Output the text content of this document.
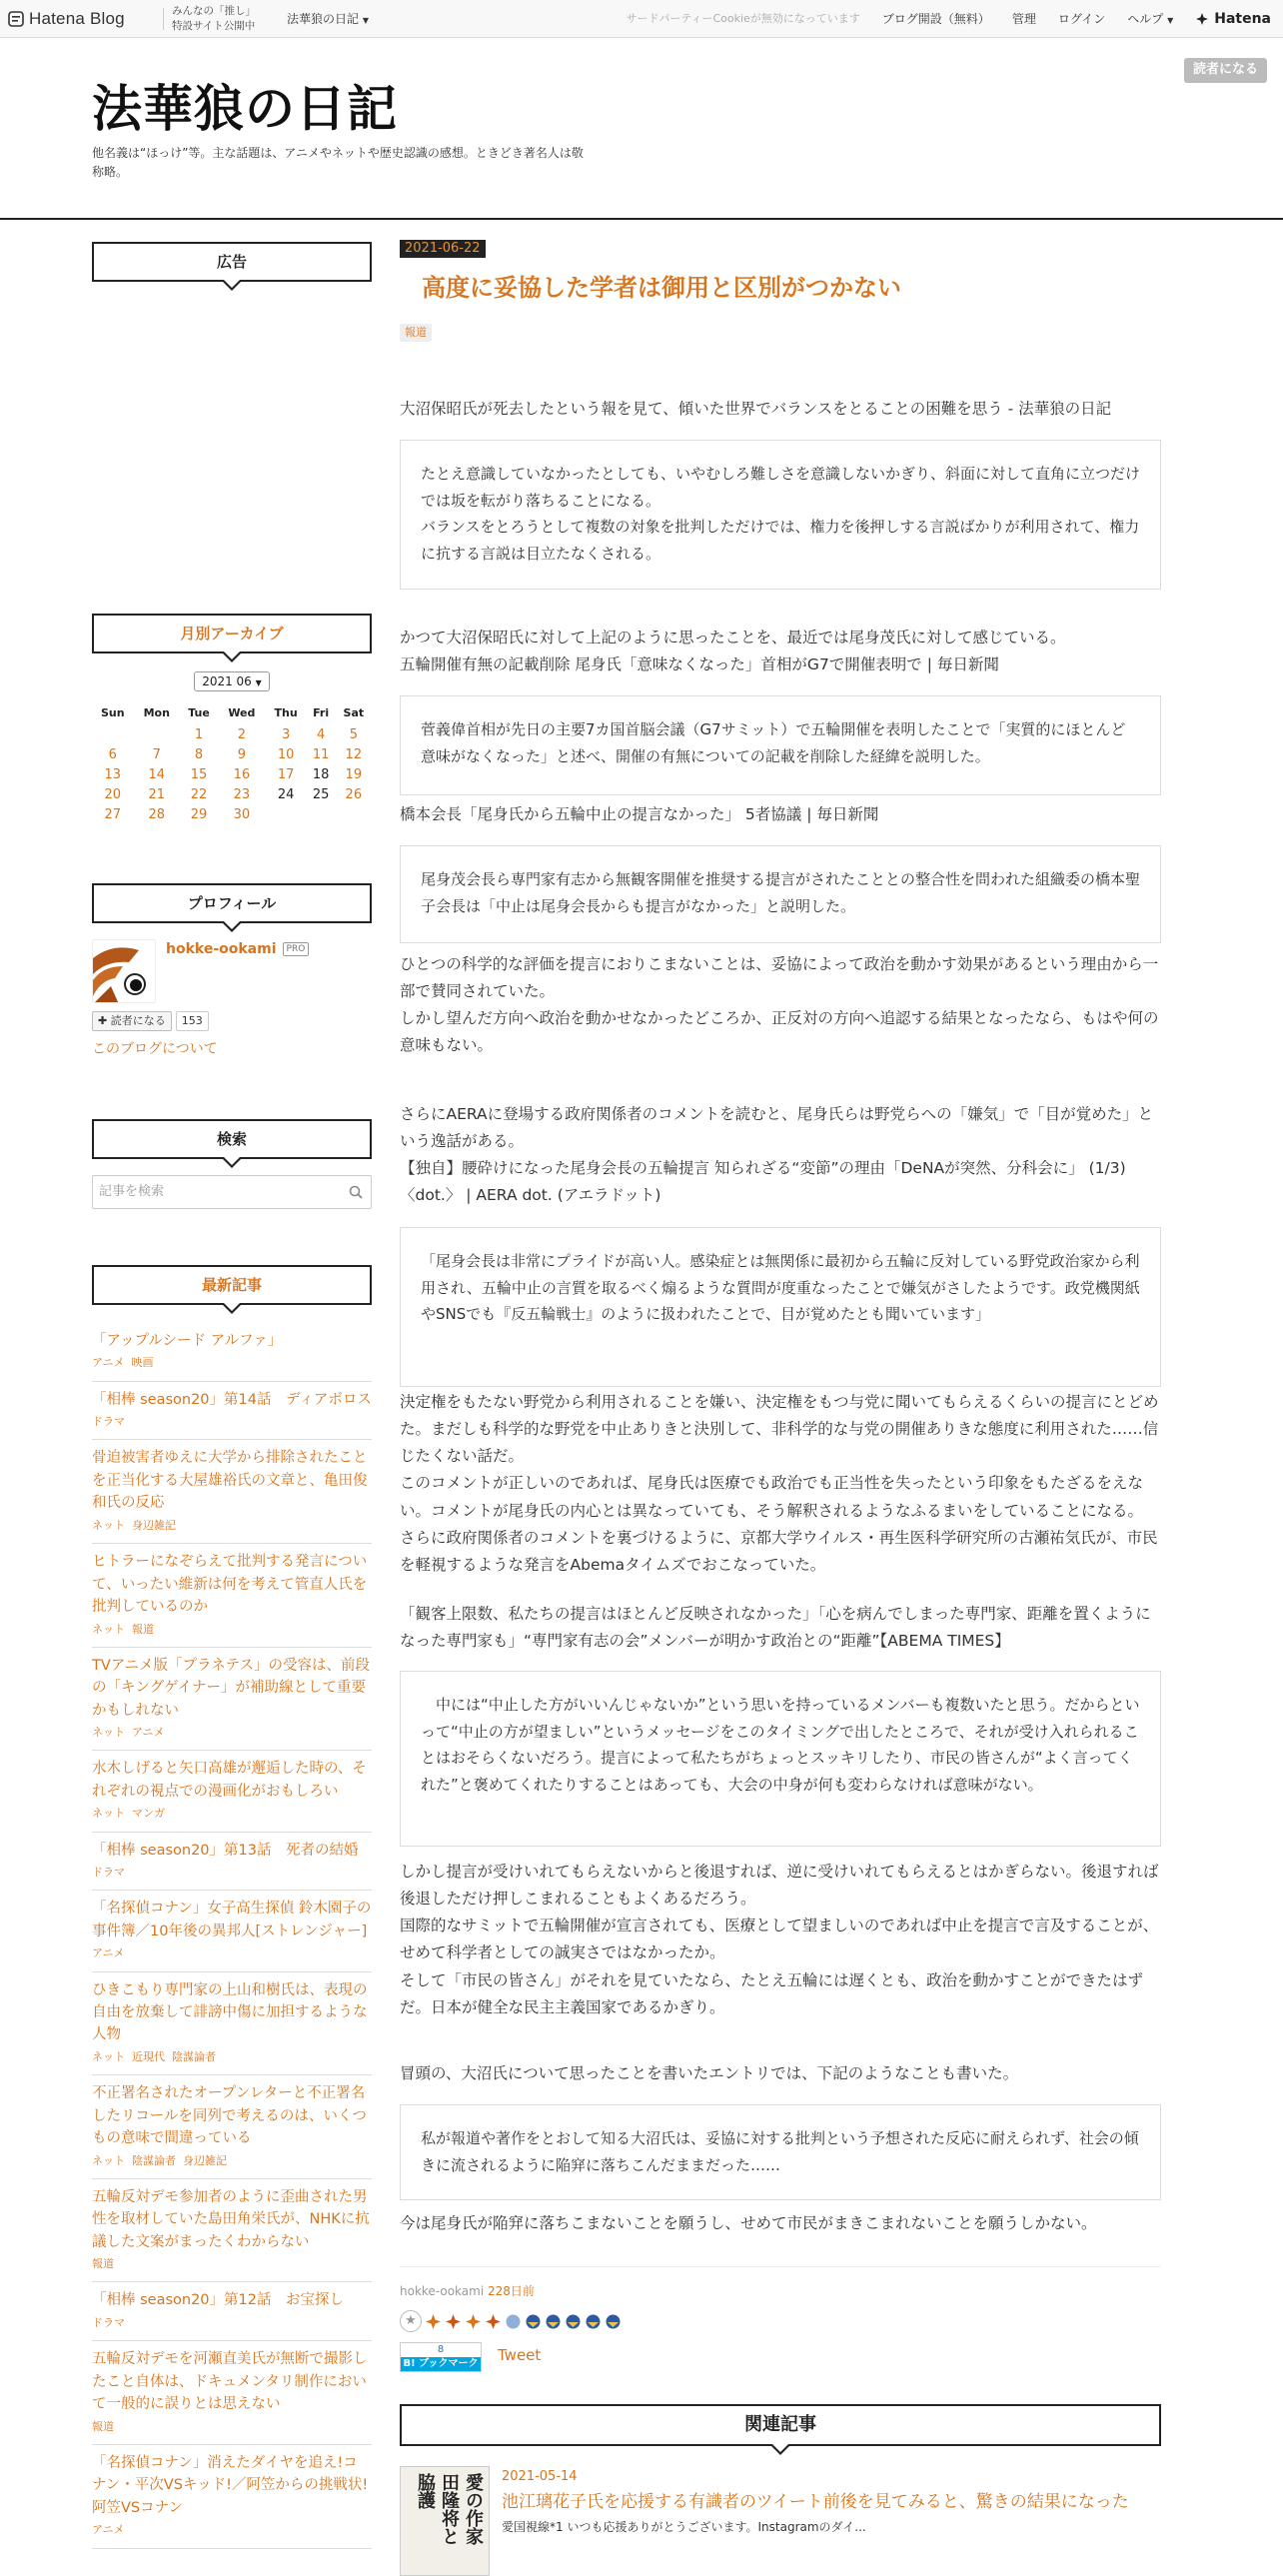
Hatena Blog	みんなの「推し」
特設サイト公開中	法華狼の日記 ▼	サードパーティーCookieが無効になっています ブログ開設（無料） 管理 ログイン ヘルプ ▼	Hatena
法華狼の日記
他名義は“ほっけ”等。主な話題は、アニメやネットや歴史認識の感想。ときどき著名人は敬称略。
読者になる
広告
月別アーカイブ
2021 06 ▼
Sun	Mon	Tue	Wed	Thu	Fri	Sat
		1	2	3	4	5
6	7	8	9	10	11	12
13	14	15	16	17	18	19
20	21	22	23	24	25	26
27	28	29	30			
プロフィール
hokke-ookami PRO
✚ 読者になる	153
このブログについて
検索
記事を検索
最新記事
「アップルシード アルファ」
アニメ 映画
「相棒 season20」第14話　ディアボロス
ドラマ
骨迫被害者ゆえに大学から排除されたことを正当化する大屋雄裕氏の文章と、亀田俊和氏の反応
ネット 身辺雑記
ヒトラーになぞらえて批判する発言について、いったい維新は何を考えて管直人氏を批判しているのか
ネット 報道
TVアニメ版「プラネテス」の受容は、前段の「キングゲイナー」が補助線として重要かもしれない
ネット アニメ
水木しげると矢口高雄が邂逅した時の、それぞれの視点での漫画化がおもしろい
ネット マンガ
「相棒 season20」第13話　死者の結婚
ドラマ
「名探偵コナン」女子高生探偵 鈴木園子の事件簿／10年後の異邦人[ストレンジャー]
アニメ
ひきこもり専門家の上山和樹氏は、表現の自由を放棄して誹謗中傷に加担するような人物
ネット 近現代 陰謀論者
不正署名されたオープンレターと不正署名したリコールを同列で考えるのは、いくつもの意味で間違っている
ネット 陰謀論者 身辺雑記
五輪反対デモ参加者のように歪曲された男性を取材していた島田角栄氏が、NHKに抗議した文案がまったくわからない
報道
「相棒 season20」第12話　お宝探し
ドラマ
五輪反対デモを河瀬直美氏が無断で撮影したこと自体は、ドキュメンタリ制作において一般的に誤りとは思えない
報道
「名探偵コナン」消えたダイヤを追え!コナン・平次VSキッド!／阿笠からの挑戦状!阿笠VSコナン
アニメ
2021-06-22
高度に妥協した学者は御用と区別がつかない
報道
大沼保昭氏が死去したという報を見て、傾いた世界でバランスをとることの困難を思う - 法華狼の日記

たとえ意識していなかったとしても、いやむしろ難しさを意識しないかぎり、斜面に対して直角に立つだけでは坂を転がり落ちることになる。
バランスをとろうとして複数の対象を批判しただけでは、権力を後押しする言説ばかりが利用されて、権力に抗する言説は目立たなくされる。

かつて大沼保昭氏に対して上記のように思ったことを、最近では尾身茂氏に対して感じている。
五輪開催有無の記載削除 尾身氏「意味なくなった」首相がG7で開催表明で | 毎日新聞

菅義偉首相が先日の主要7カ国首脳会議（G7サミット）で五輪開催を表明したことで「実質的にほとんど意味がなくなった」と述べ、開催の有無についての記載を削除した経緯を説明した。

橋本会長「尾身氏から五輪中止の提言なかった」 5者協議 | 毎日新聞

尾身茂会長ら専門家有志から無観客開催を推奨する提言がされたこととの整合性を問われた組織委の橋本聖子会長は「中止は尾身会長からも提言がなかった」と説明した。

ひとつの科学的な評価を提言におりこまないことは、妥協によって政治を動かす効果があるという理由から一部で賛同されていた。
しかし望んだ方向へ政治を動かせなかったどころか、正反対の方向へ追認する結果となったなら、もはや何の意味もない。
さらにAERAに登場する政府関係者のコメントを読むと、尾身氏らは野党らへの「嫌気」で「目が覚めた」という逸話がある。
【独自】腰砕けになった尾身会長の五輪提言 知られざる“変節”の理由「DeNAが突然、分科会に」 (1/3)〈dot.〉 | AERA dot. (アエラドット)

「尾身会長は非常にプライドが高い人。感染症とは無関係に最初から五輪に反対している野党政治家から利用され、五輪中止の言質を取るべく煽るような質問が度重なったことで嫌気がさしたようです。政党機関紙やSNSでも『反五輪戦士』のように扱われたことで、目が覚めたとも聞いています」

決定権をもたない野党から利用されることを嫌い、決定権をもつ与党に聞いてもらえるくらいの提言にとどめた。まだしも科学的な野党を中止ありきと決別して、非科学的な与党の開催ありきな態度に利用された……信じたくない話だ。
このコメントが正しいのであれば、尾身氏は医療でも政治でも正当性を失ったという印象をもたざるをえない。コメントが尾身氏の内心とは異なっていても、そう解釈されるようなふるまいをしていることになる。
さらに政府関係者のコメントを裏づけるように、京都大学ウイルス・再生医科学研究所の古瀬祐気氏が、市民を軽視するような発言をAbemaタイムズでおこなっていた。
「観客上限数、私たちの提言はほとんど反映されなかった」「心を病んでしまった専門家、距離を置くようになった専門家も」“専門家有志の会”メンバーが明かす政治との“距離”【ABEMA TIMES】

　中には“中止した方がいいんじゃないか”という思いを持っているメンバーも複数いたと思う。だからといって“中止の方が望ましい”というメッセージをこのタイミングで出したところで、それが受け入れられることはおそらくないだろう。提言によって私たちがちょっとスッキリしたり、市民の皆さんが“よく言ってくれた”と褒めてくれたりすることはあっても、大会の中身が何も変わらなければ意味がない。

しかし提言が受けいれてもらえないからと後退すれば、逆に受けいれてもらえるとはかぎらない。後退すれば後退しただけ押しこまれることもよくあるだろう。
国際的なサミットで五輪開催が宣言されても、医療として望ましいのであれば中止を提言で言及することが、せめて科学者としての誠実さではなかったか。
そして「市民の皆さん」がそれを見ていたなら、たとえ五輪には遅くとも、政治を動かすことができたはずだ。日本が健全な民主主義国家であるかぎり。
冒頭の、大沼氏について思ったことを書いたエントリでは、下記のようなことも書いた。

私が報道や著作をとおして知る大沼氏は、妥協に対する批判という予想された反応に耐えられず、社会の傾きに流されるように陥穽に落ちこんだままだった……

今は尾身氏が陥穽に落ちこまないことを願うし、せめて市民がまきこまれないことを願うしかない。
hokke-ookami 228日前
★
8
B! ブックマーク Tweet
関連記事
愛の作家
田隆将と
脇護	2021-05-14
池江璃花子氏を応援する有識者のツイート前後を見てみると、驚きの結果になった
愛国視線*1 いつも応援ありがとうございます。Instagramのダイ...
